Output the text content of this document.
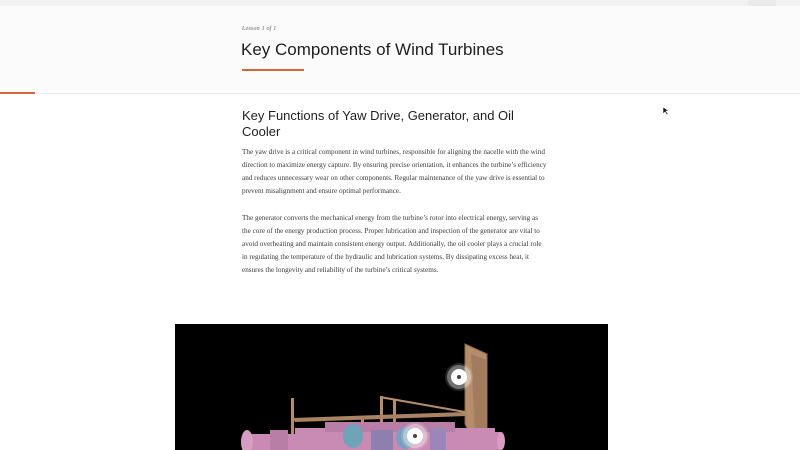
Lesson 1 of 1
Key Components of Wind Turbines
Key Functions of Yaw Drive, Generator, and Oil Cooler

The yaw drive is a critical component in wind turbines, responsible for aligning the nacelle with the wind direction to maximize energy capture. By ensuring precise orientation, it enhances the turbine’s efficiency and reduces unnecessary wear on other components. Regular maintenance of the yaw drive is essential to prevent misalignment and ensure optimal performance.

The generator converts the mechanical energy from the turbine’s rotor into electrical energy, serving as the core of the energy production process. Proper lubrication and inspection of the generator are vital to avoid overheating and maintain consistent energy output. Additionally, the oil cooler plays a crucial role in regulating the temperature of the hydraulic and lubrication systems. By dissipating excess heat, it ensures the longevity and reliability of the turbine’s critical systems.
